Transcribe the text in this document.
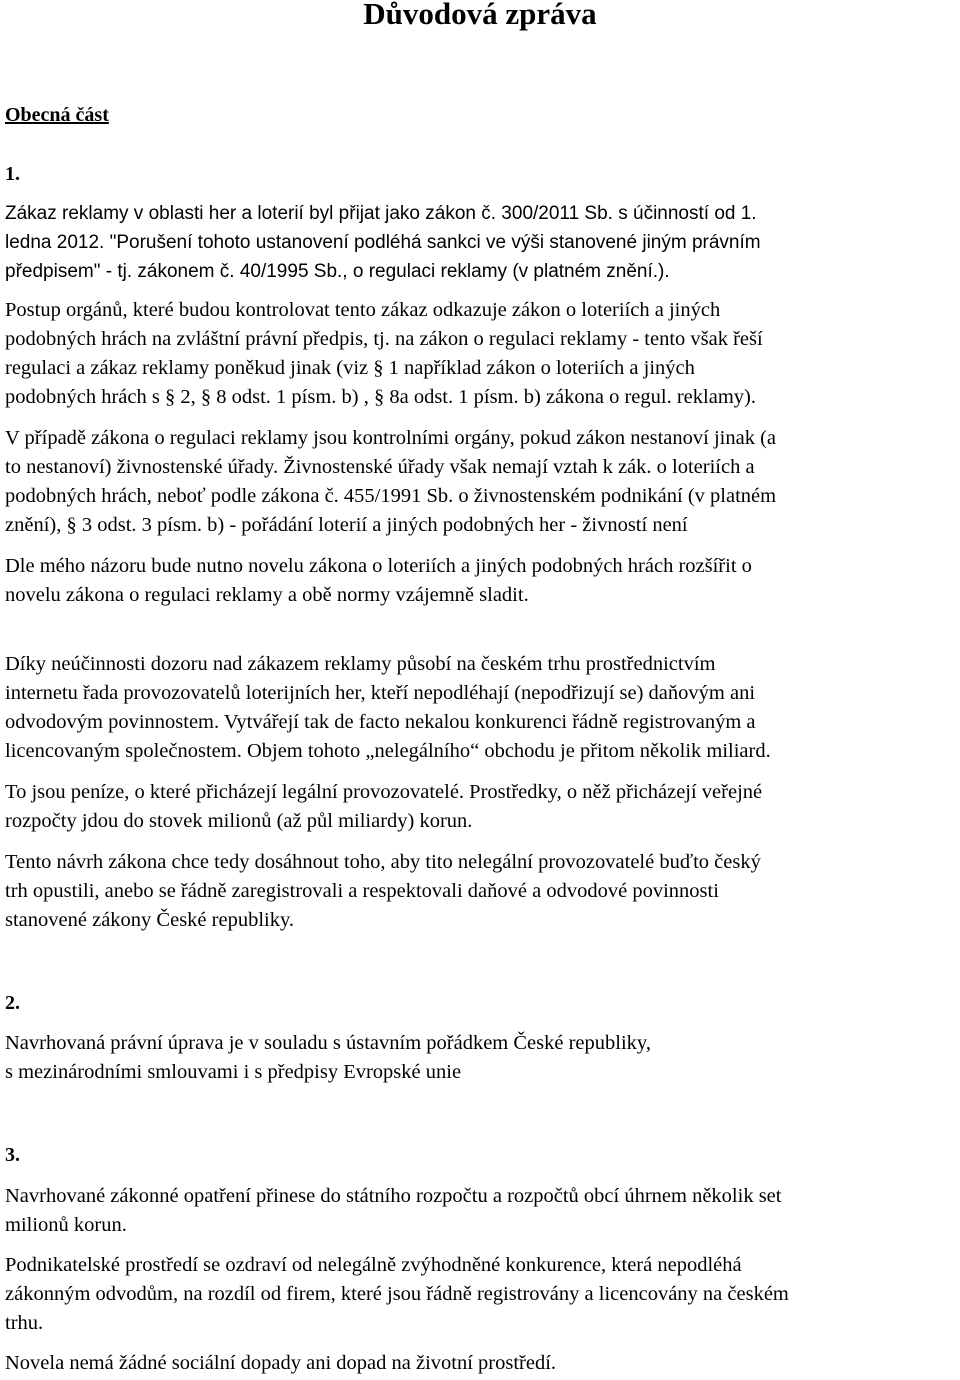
Důvodová zpráva
Obecná část
1.

Zákaz reklamy v oblasti her a loterií byl přijat jako zákon č. 300/2011 Sb. s účinností od 1.
ledna 2012. "Porušení tohoto ustanovení podléhá sankci ve výši stanovené jiným právním
předpisem" - tj. zákonem č. 40/1995 Sb., o regulaci reklamy (v platném znění.).

Postup orgánů, které budou kontrolovat tento zákaz odkazuje zákon o loteriích a jiných
podobných hrách na zvláštní právní předpis, tj. na zákon o regulaci reklamy - tento však řeší
regulaci a zákaz reklamy poněkud jinak (viz § 1 například zákon o loteriích a jiných
podobných hrách s § 2, § 8 odst. 1 písm. b) , § 8a odst. 1 písm. b) zákona o regul. reklamy).

V případě zákona o regulaci reklamy jsou kontrolními orgány, pokud zákon nestanoví jinak (a
to nestanoví) živnostenské úřady. Živnostenské úřady však nemají vztah k zák. o loteriích a
podobných hrách, neboť podle zákona č. 455/1991 Sb. o živnostenském podnikání (v platném
znění), § 3 odst. 3 písm. b) - pořádání loterií a jiných podobných her - živností není

Dle mého názoru bude nutno novelu zákona o loteriích a jiných podobných hrách rozšířit o
novelu zákona o regulaci reklamy a obě normy vzájemně sladit.

Díky neúčinnosti dozoru nad zákazem reklamy působí na českém trhu prostřednictvím
internetu řada provozovatelů loterijních her, kteří nepodléhají (nepodřizují se) daňovým ani
odvodovým povinnostem. Vytvářejí tak de facto nekalou konkurenci řádně registrovaným a
licencovaným společnostem. Objem tohoto „nelegálního“ obchodu je přitom několik miliard.

To jsou peníze, o které přicházejí legální provozovatelé. Prostředky, o něž přicházejí veřejné
rozpočty jdou do stovek milionů (až půl miliardy) korun.

Tento návrh zákona chce tedy dosáhnout toho, aby tito nelegální provozovatelé buďto český
trh opustili, anebo se řádně zaregistrovali a respektovali daňové a odvodové povinnosti
stanovené zákony České republiky.

2.

Navrhovaná právní úprava je v souladu s ústavním pořádkem České republiky,
s mezinárodními smlouvami i s předpisy Evropské unie

3.

Navrhované zákonné opatření přinese do státního rozpočtu a rozpočtů obcí úhrnem několik set
milionů korun.

Podnikatelské prostředí se ozdraví od nelegálně zvýhodněné konkurence, která nepodléhá
zákonným odvodům, na rozdíl od firem, které jsou řádně registrovány a licencovány na českém
trhu.

Novela nemá žádné sociální dopady ani dopad na životní prostředí.
